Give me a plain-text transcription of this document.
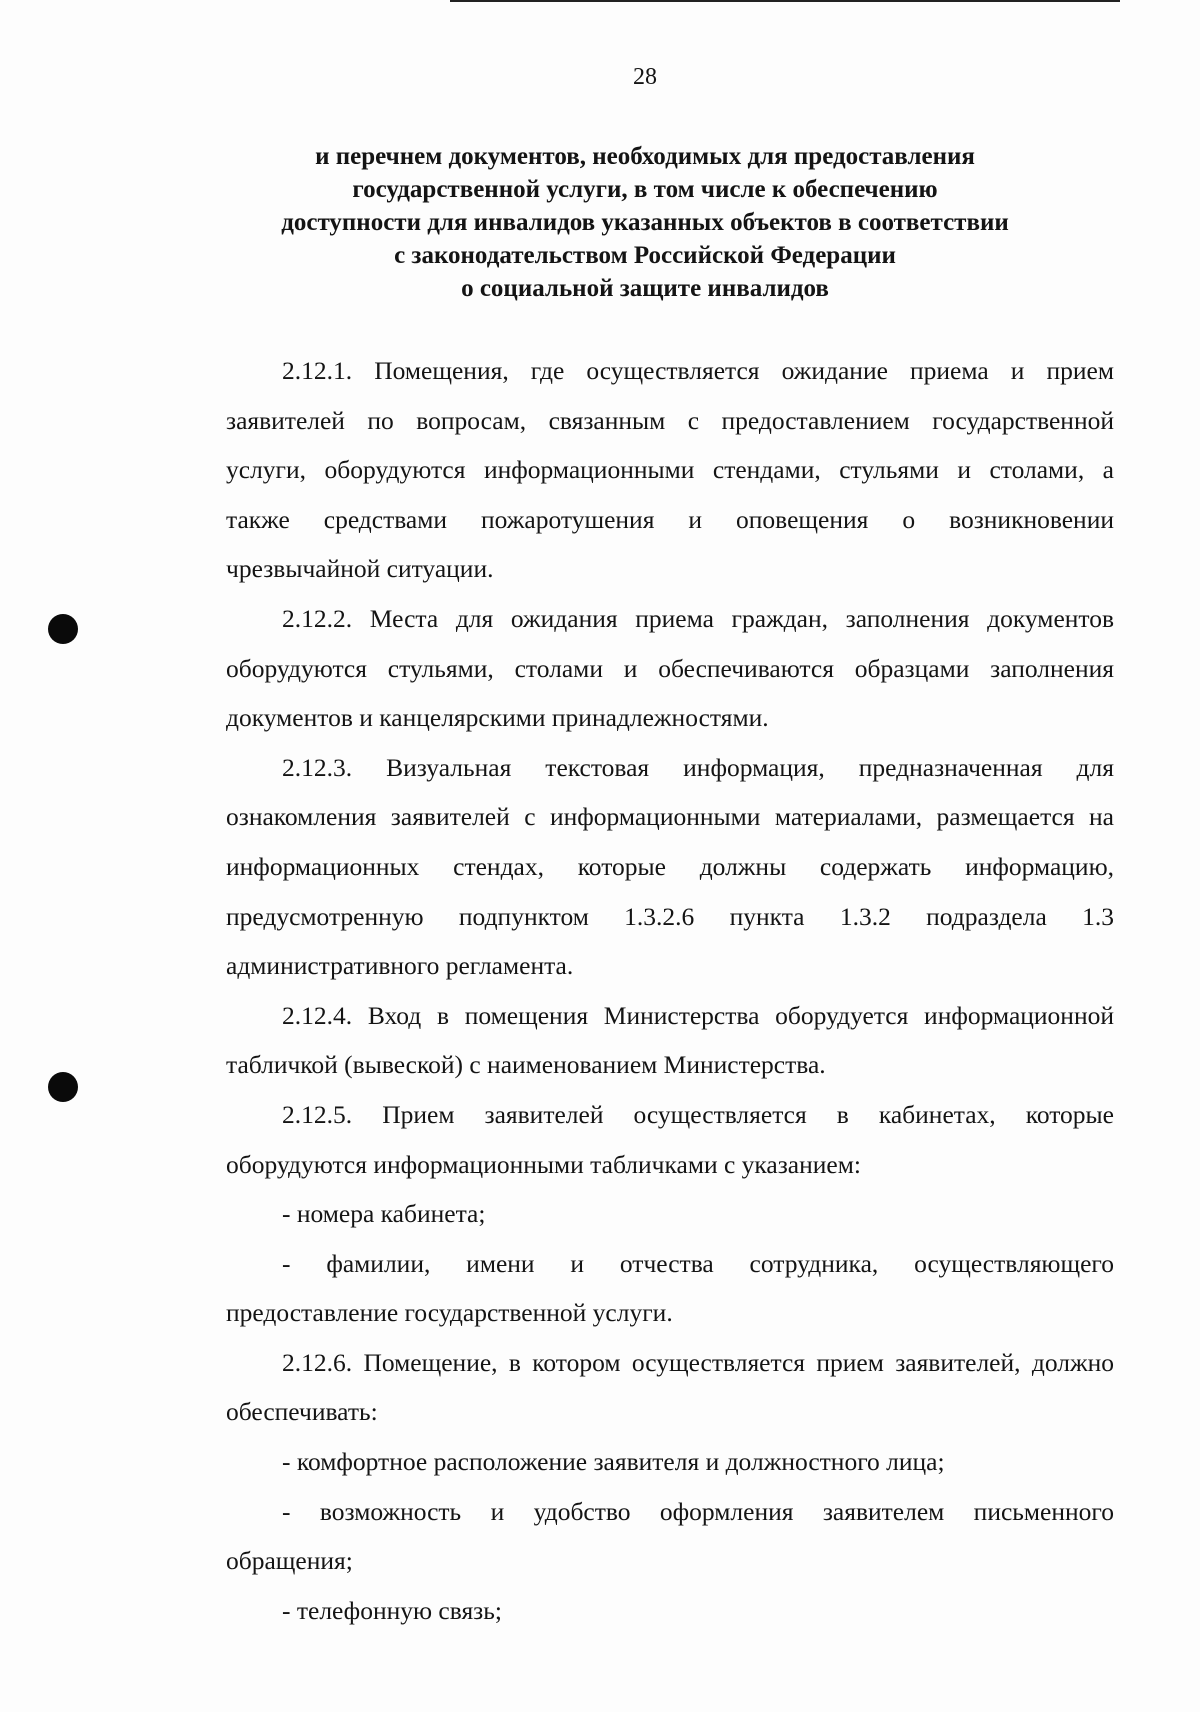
28
и перечнем документов, необходимых для предоставления
государственной услуги, в том числе к обеспечению
доступности для инвалидов указанных объектов в соответствии
с законодательством Российской Федерации
о социальной защите инвалидов
2.12.1. Помещения, где осуществляется ожидание приема и прием
заявителей по вопросам, связанным с предоставлением государственной
услуги, оборудуются информационными стендами, стульями и столами, а
также средствами пожаротушения и оповещения о возникновении
чрезвычайной ситуации.
2.12.2. Места для ожидания приема граждан, заполнения документов
оборудуются стульями, столами и обеспечиваются образцами заполнения
документов и канцелярскими принадлежностями.
2.12.3. Визуальная текстовая информация, предназначенная для
ознакомления заявителей с информационными материалами, размещается на
информационных стендах, которые должны содержать информацию,
предусмотренную подпунктом 1.3.2.6 пункта 1.3.2 подраздела 1.3
административного регламента.
2.12.4. Вход в помещения Министерства оборудуется информационной
табличкой (вывеской) с наименованием Министерства.
2.12.5. Прием заявителей осуществляется в кабинетах, которые
оборудуются информационными табличками с указанием:
- номера кабинета;
- фамилии, имени и отчества сотрудника, осуществляющего
предоставление государственной услуги.
2.12.6. Помещение, в котором осуществляется прием заявителей, должно
обеспечивать:
- комфортное расположение заявителя и должностного лица;
- возможность и удобство оформления заявителем письменного
обращения;
- телефонную связь;
